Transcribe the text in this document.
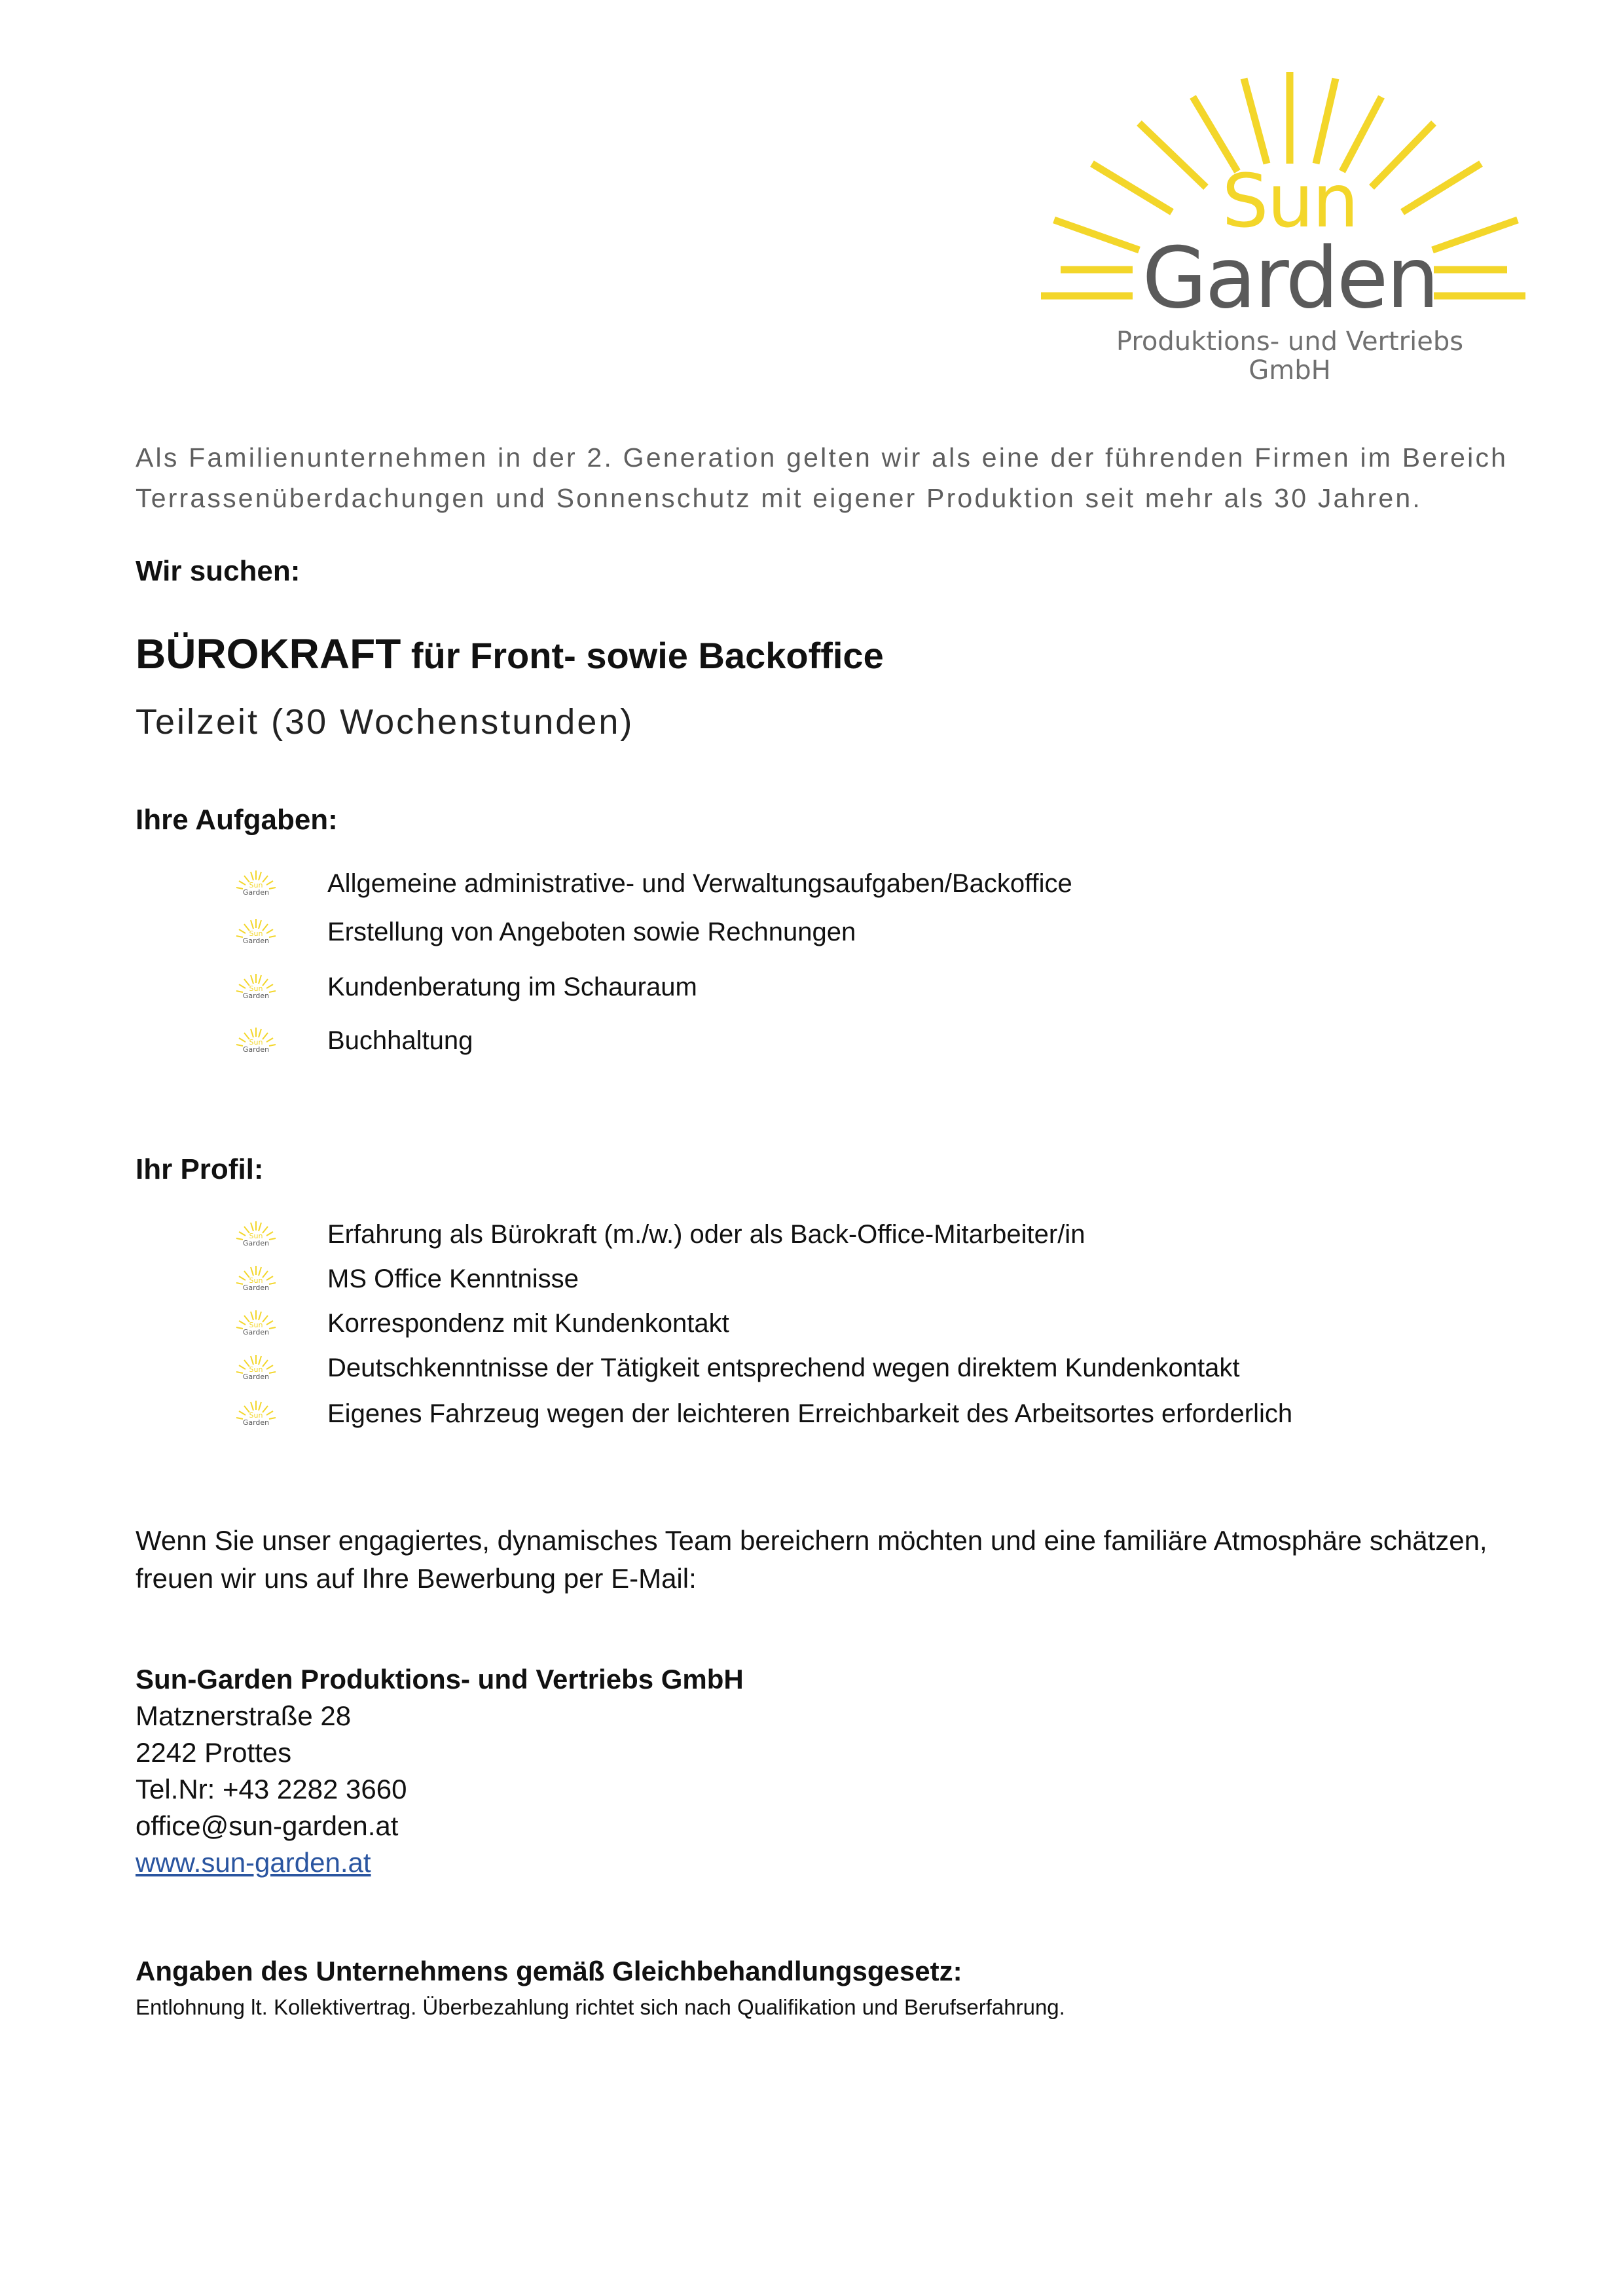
Sun
Garden
Produktions- und Vertriebs GmbH
Als Familienunternehmen in der 2. Generation gelten wir als eine der führenden Firmen im Bereich Terrassenüberdachungen und Sonnenschutz mit eigener Produktion seit mehr als 30 Jahren.
Wir suchen:
BÜROKRAFT für Front- sowie Backoffice
Teilzeit (30 Wochenstunden)
Ihre Aufgaben:
Sun
Garden Allgemeine administrative- und Verwaltungsaufgaben/Backoffice
Sun
Garden Erstellung von Angeboten sowie Rechnungen
Sun
Garden Kundenberatung im Schauraum
Sun
Garden Buchhaltung
Ihr Profil:
Sun
Garden Erfahrung als Bürokraft (m./w.) oder als Back-Office-Mitarbeiter/in
Sun
Garden MS Office Kenntnisse
Sun
Garden Korrespondenz mit Kundenkontakt
Sun
Garden Deutschkenntnisse der Tätigkeit entsprechend wegen direktem Kundenkontakt
Sun
Garden Eigenes Fahrzeug wegen der leichteren Erreichbarkeit des Arbeitsortes erforderlich
Wenn Sie unser engagiertes, dynamisches Team bereichern möchten und eine familiäre Atmosphäre schätzen, freuen wir uns auf Ihre Bewerbung per E-Mail:
Sun-Garden Produktions- und Vertriebs GmbH
Matznerstraße 28
2242 Prottes
Tel.Nr: +43 2282 3660
office@sun-garden.at
www.sun-garden.at
Angaben des Unternehmens gemäß Gleichbehandlungsgesetz:
Entlohnung lt. Kollektivertrag. Überbezahlung richtet sich nach Qualifikation und Berufserfahrung.
